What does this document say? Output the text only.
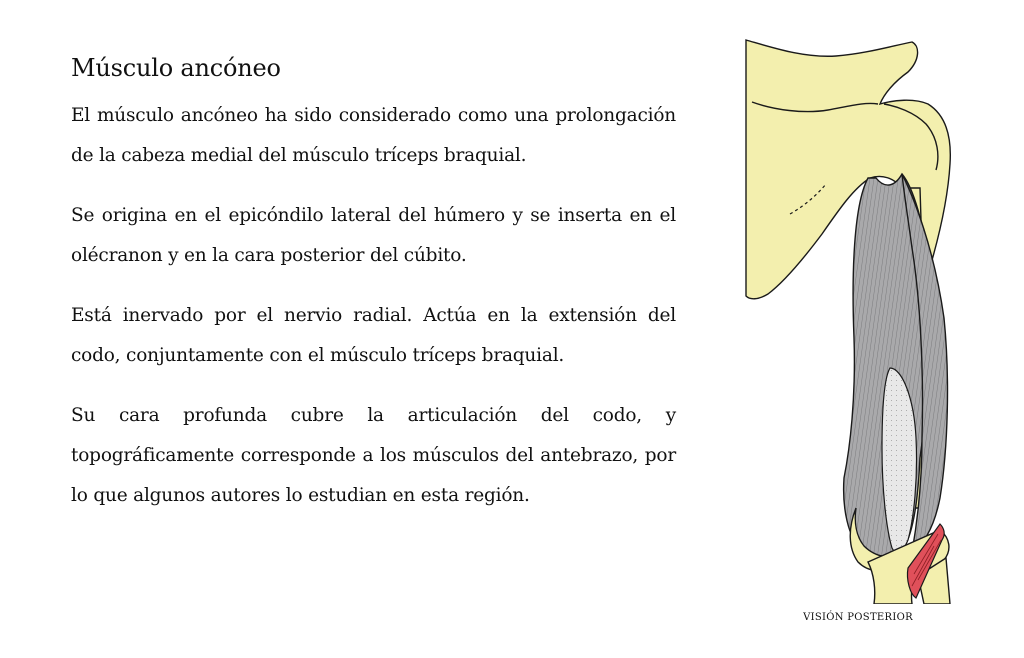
Músculo ancóneo

El músculo ancóneo ha sido considerado como una prolongación de la cabeza medial del músculo tríceps braquial.

Se origina en el epicóndilo lateral del húmero y se inserta en el olécranon y en la cara posterior del cúbito.

Está inervado por el nervio radial. Actúa en la extensión del codo, conjuntamente con el músculo tríceps braquial.

Su cara profunda cubre la articulación del codo, y topográficamente corresponde a los músculos del antebrazo, por lo que algunos autores lo estudian en esta región.

VISIÓN POSTERIOR
